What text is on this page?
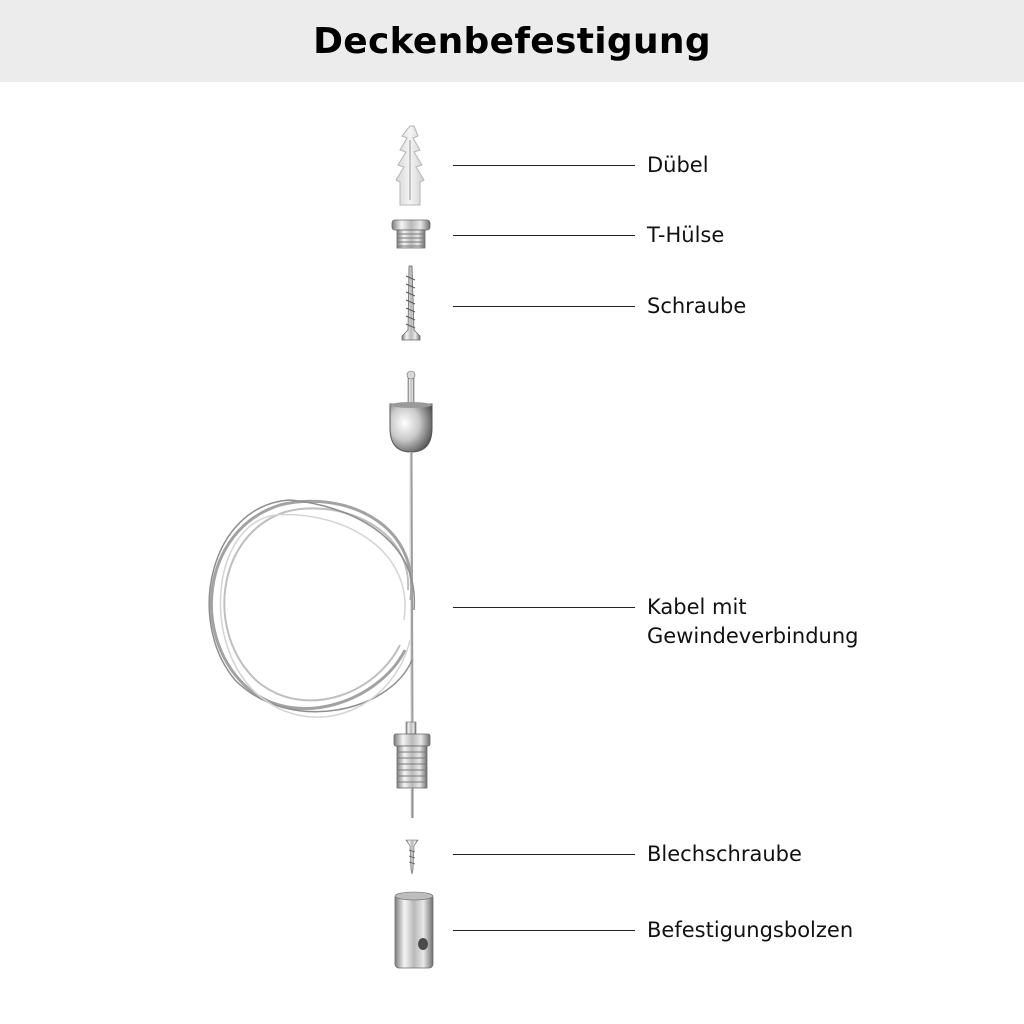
Deckenbefestigung
Dübel
T-Hülse
Schraube
Kabel mit
Gewindeverbindung
Blechschraube
Befestigungsbolzen
